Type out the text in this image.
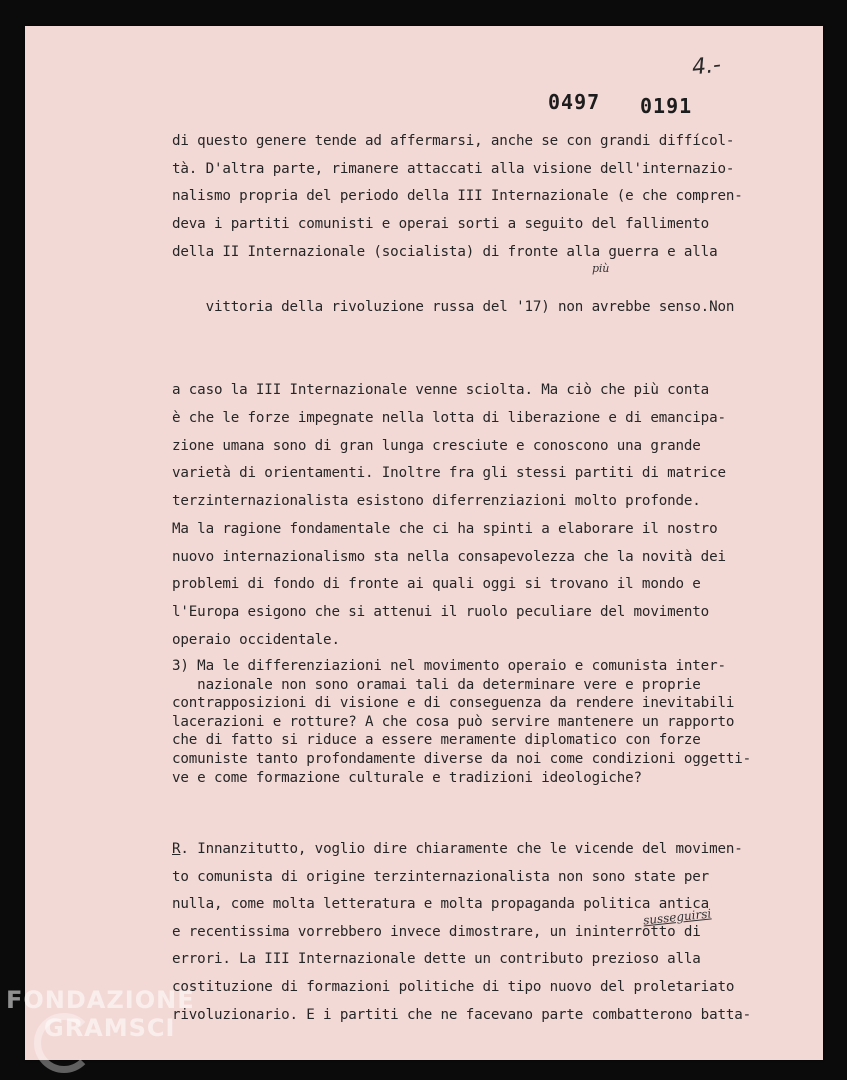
4.-
0497 0191
di questo genere tende ad affermarsi, anche se con grandi diffícol-
tà. D'altra parte, rimanere attaccati alla visione dell'internazio-
nalismo propria del periodo della III Internazionale (e che compren-
deva i partiti comunisti e operai sorti a seguito del fallimento
della II Internazionale (socialista) di fronte alla guerra e alla

vittoria della rivoluzione russa del '17) non avrebbe senso.Non

più

a caso la III Internazionale venne sciolta. Ma ciò che più conta
è che le forze impegnate nella lotta di liberazione e di emancipa-
zione umana sono di gran lunga cresciute e conoscono una grande
varietà di orientamenti. Inoltre fra gli stessi partiti di matrice
terzinternazionalista esistono diferrenziazioni molto profonde.
Ma la ragione fondamentale che ci ha spinti a elaborare il nostro
nuovo internazionalismo sta nella consapevolezza che la novità dei
problemi di fondo di fronte ai quali oggi si trovano il mondo e
l'Europa esigono che si attenui il ruolo peculiare del movimento
operaio occidentale.
3) Ma le differenziazioni nel movimento operaio e comunista inter-
nazionale non sono oramai tali da determinare vere e proprie
contrapposizioni di visione e di conseguenza da rendere inevitabili
lacerazioni e rotture? A che cosa può servire mantenere un rapporto
che di fatto si riduce a essere meramente diplomatico con forze
comuniste tanto profondamente diverse da noi come condizioni oggetti-
ve e come formazione culturale e tradizioni ideologiche?
R. Innanzitutto, voglio dire chiaramente che le vicende del movimen-
to comunista di origine terzinternazionalista non sono state per
nulla, come molta letteratura e molta propaganda politica antica
e recentissima vorrebbero invece dimostrare, un ininterrotto di
errori. La III Internazionale dette un contributo prezioso alla
costituzione di formazioni politiche di tipo nuovo del proletariato
rivoluzionario. E i partiti che ne facevano parte combatterono batta-
susseguirsi
FONDAZIONE
GRAMSCI
